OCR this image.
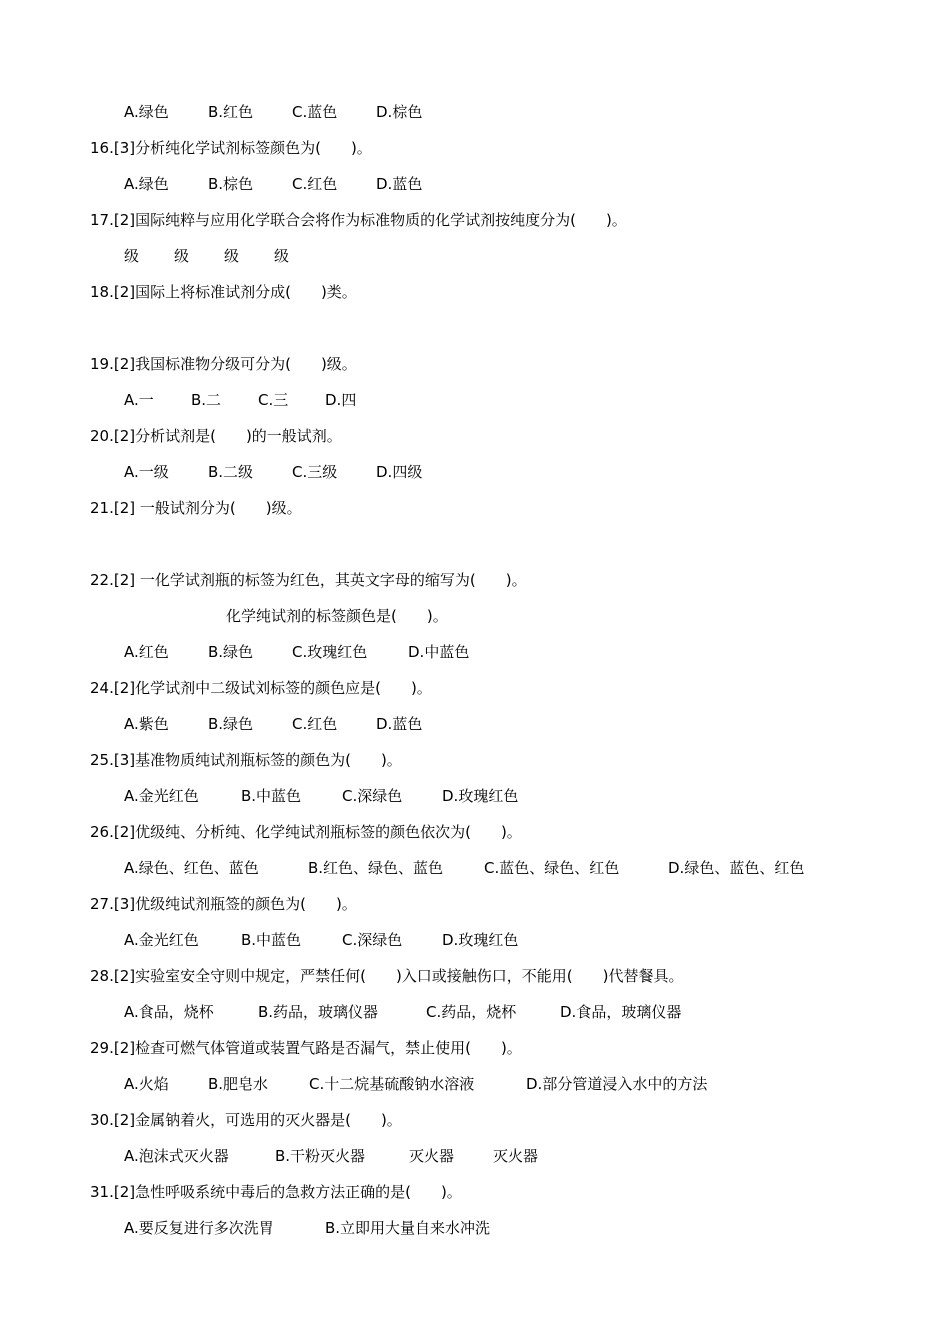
A.绿色	B.红色	C.蓝色	D.棕色
16.[3]分析纯化学试剂标签颜色为(　　)。
A.绿色	B.棕色	C.红色	D.蓝色
17.[2]国际纯粹与应用化学联合会将作为标准物质的化学试剂按纯度分为(　　)。
级 级 级 级
18.[2]国际上将标准试剂分成(　　)类。
19.[2]我国标准物分级可分为(　　)级。
A.一 B.二 C.三 D.四
20.[2]分析试剂是(　　)的一般试剂。
A.一级	B.二级	C.三级	D.四级
21.[2] 一般试剂分为(　　)级。
22.[2] 一化学试剂瓶的标签为红色，其英文字母的缩写为(　　)。
化学纯试剂的标签颜色是(　　)。
A.红色	B.绿色	C.玫瑰红色	D.中蓝色
24.[2]化学试剂中二级试刘标签的颜色应是(　　)。
A.紫色	B.绿色	C.红色	D.蓝色
25.[3]基准物质纯试剂瓶标签的颜色为(　　)。
A.金光红色	B.中蓝色	C.深绿色	D.玫瑰红色
26.[2]优级纯、分析纯、化学纯试剂瓶标签的颜色依次为(　　)。
A.绿色、红色、蓝色	B.红色、绿色、蓝色	C.蓝色、绿色、红色	D.绿色、蓝色、红色
27.[3]优级纯试剂瓶签的颜色为(　　)。
A.金光红色	B.中蓝色	C.深绿色	D.玫瑰红色
28.[2]实验室安全守则中规定，严禁任何(　　)入口或接触伤口，不能用(　　)代替餐具。
A.食品，烧杯	B.药品，玻璃仪器	C.药品，烧杯	D.食品，玻璃仪器
29.[2]检查可燃气体管道或装置气路是否漏气，禁止使用(　　)。
A.火焰	B.肥皂水	C.十二烷基硫酸钠水溶液	D.部分管道浸入水中的方法
30.[2]金属钠着火，可选用的灭火器是(　　)。
A.泡沫式灭火器	B.干粉灭火器	灭火器	灭火器
31.[2]急性呼吸系统中毒后的急救方法正确的是(　　)。
A.要反复进行多次洗胃	B.立即用大量自来水冲洗
